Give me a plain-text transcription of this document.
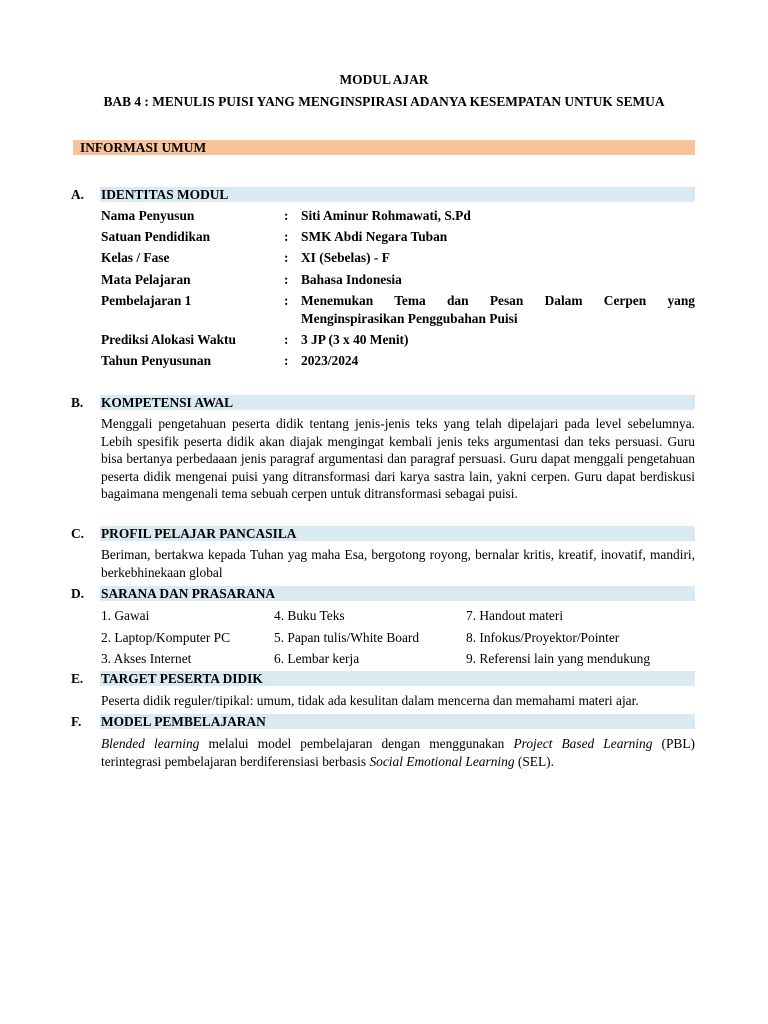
MODUL AJAR
BAB 4 : MENULIS PUISI YANG MENGINSPIRASI ADANYA KESEMPATAN UNTUK SEMUA
INFORMASI UMUM
A. IDENTITAS MODUL
Nama Penyusun	: Siti Aminur Rohmawati, S.Pd
Satuan Pendidikan	: SMK Abdi Negara Tuban
Kelas / Fase	: XI (Sebelas) - F
Mata Pelajaran	: Bahasa Indonesia
Pembelajaran 1	: Menemukan Tema dan Pesan Dalam Cerpen yang
Menginspirasikan Penggubahan Puisi
Prediksi Alokasi Waktu	: 3 JP (3 x 40 Menit)
Tahun Penyusunan	: 2023/2024
B. KOMPETENSI AWAL
Menggali pengetahuan peserta didik tentang jenis-jenis teks yang telah dipelajari pada level sebelumnya. Lebih spesifik peserta didik akan diajak mengingat kembali jenis teks argumentasi dan teks persuasi. Guru bisa bertanya perbedaaan jenis paragraf argumentasi dan paragraf persuasi. Guru dapat menggali pengetahuan peserta didik mengenai puisi yang ditransformasi dari karya sastra lain, yakni cerpen. Guru dapat berdiskusi bagaimana mengenali tema sebuah cerpen untuk ditransformasi sebagai puisi.
C. PROFIL PELAJAR PANCASILA
Beriman, bertakwa kepada Tuhan yag maha Esa, bergotong royong, bernalar kritis, kreatif, inovatif, mandiri, berkebhinekaan global
D. SARANA DAN PRASARANA
1. Gawai	4. Buku Teks	7. Handout materi
2. Laptop/Komputer PC	5. Papan tulis/White Board	8. Infokus/Proyektor/Pointer
3. Akses Internet	6. Lembar kerja	9. Referensi lain yang mendukung
E. TARGET PESERTA DIDIK
Peserta didik reguler/tipikal: umum, tidak ada kesulitan dalam mencerna dan memahami materi ajar.
F. MODEL PEMBELAJARAN
Blended learning melalui model pembelajaran dengan menggunakan Project Based Learning (PBL) terintegrasi pembelajaran berdiferensiasi berbasis Social Emotional Learning (SEL).
